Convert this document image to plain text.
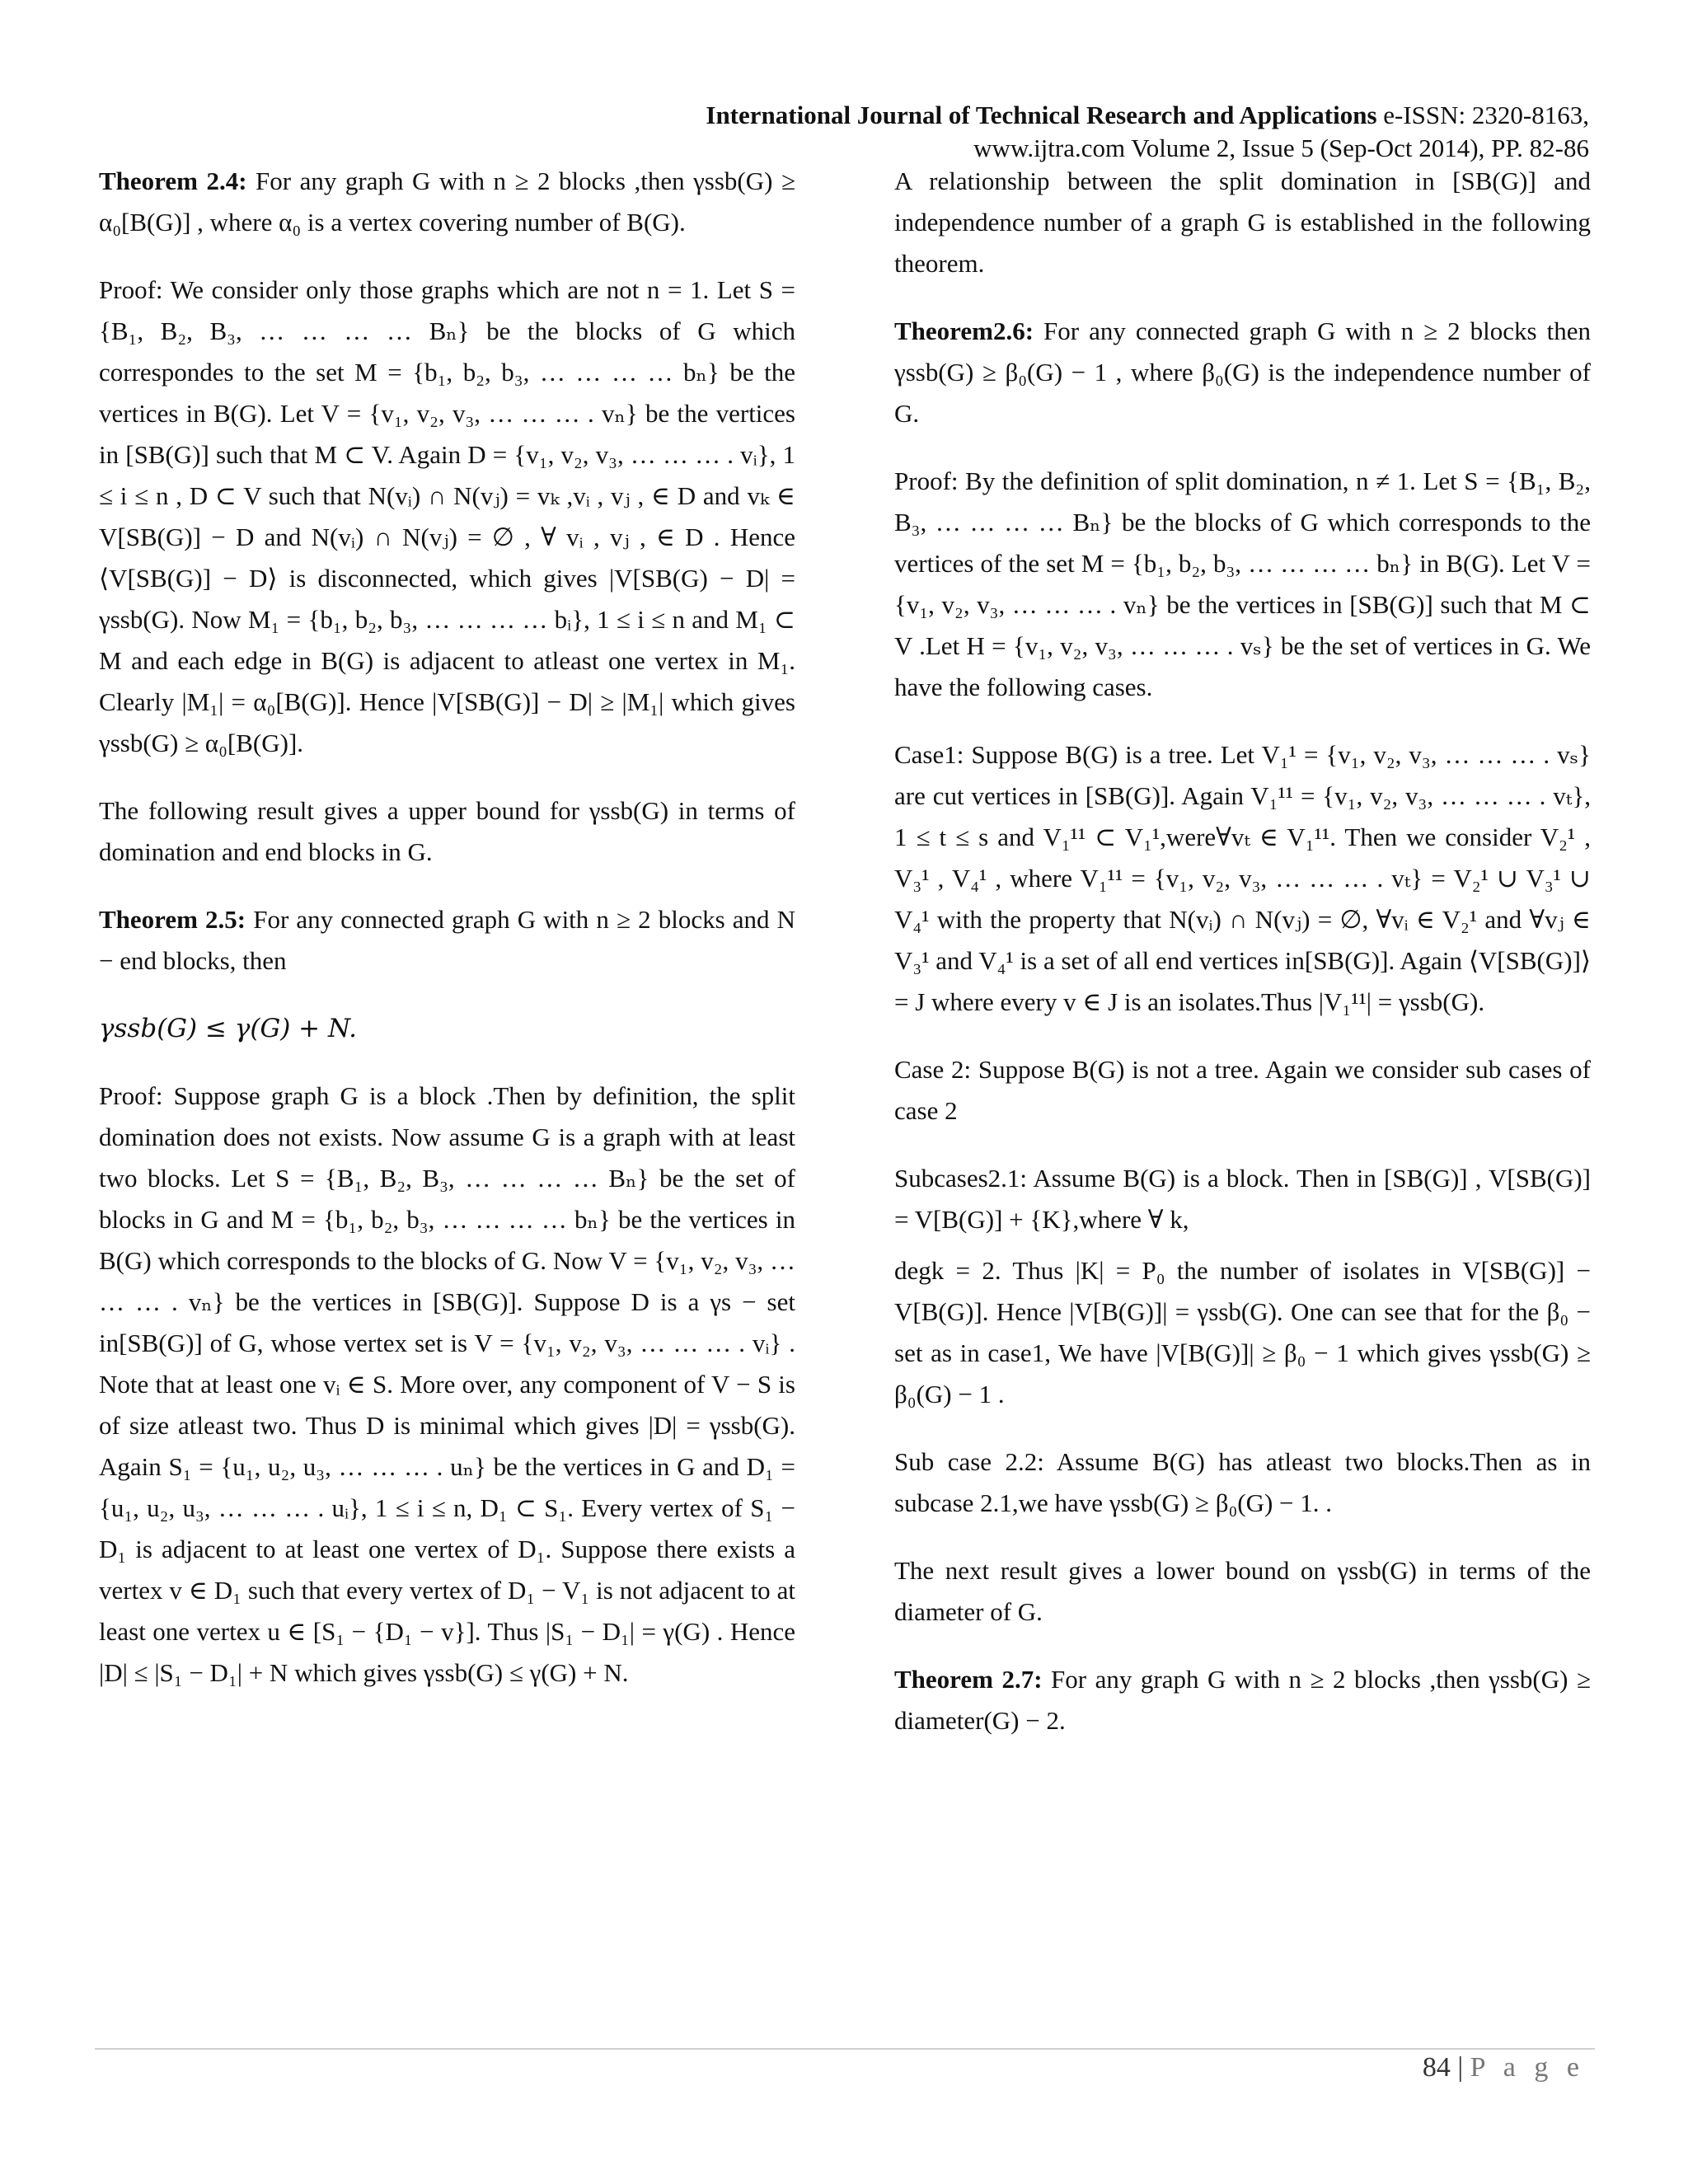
International Journal of Technical Research and Applications e-ISSN: 2320-8163,
www.ijtra.com Volume 2, Issue 5 (Sep-Oct 2014), PP. 82-86

Theorem 2.4: For any graph G with n ≥ 2 blocks ,then γssb(G) ≥ α₀[B(G)] , where α₀ is a vertex covering number of B(G).

Proof: We consider only those graphs which are not n = 1. Let S = {B₁, B₂, B₃, … … … … Bₙ} be the blocks of G which correspondes to the set M = {b₁, b₂, b₃, … … … … bₙ} be the vertices in B(G). Let V = {v₁, v₂, v₃, … … … . vₙ} be the vertices in [SB(G)] such that M ⊂ V. Again D = {v₁, v₂, v₃, … … … . vᵢ}, 1 ≤ i ≤ n , D ⊂ V such that N(vᵢ) ∩ N(vⱼ) = vₖ ,vᵢ , vⱼ , ∈ D and vₖ ∈ V[SB(G)] − D and N(vᵢ) ∩ N(vⱼ) = ∅ , ∀ vᵢ , vⱼ , ∈ D . Hence ⟨V[SB(G)] − D⟩ is disconnected, which gives |V[SB(G) − D| = γssb(G). Now M₁ = {b₁, b₂, b₃, … … … … bᵢ}, 1 ≤ i ≤ n and M₁ ⊂ M and each edge in B(G) is adjacent to atleast one vertex in M₁. Clearly |M₁| = α₀[B(G)]. Hence |V[SB(G)] − D| ≥ |M₁| which gives γssb(G) ≥ α₀[B(G)].

The following result gives a upper bound for γssb(G) in terms of domination and end blocks in G.

Theorem 2.5: For any connected graph G with n ≥ 2 blocks and N − end blocks, then

γssb(G) ≤ γ(G) + N.

Proof: Suppose graph G is a block .Then by definition, the split domination does not exists. Now assume G is a graph with at least two blocks. Let S = {B₁, B₂, B₃, … … … … Bₙ} be the set of blocks in G and M = {b₁, b₂, b₃, … … … … bₙ} be the vertices in B(G) which corresponds to the blocks of G. Now V = {v₁, v₂, v₃, … … … . vₙ} be the vertices in [SB(G)]. Suppose D is a γs − set in[SB(G)] of G, whose vertex set is V = {v₁, v₂, v₃, … … … . vᵢ} . Note that at least one vᵢ ∈ S. More over, any component of V − S is of size atleast two. Thus D is minimal which gives |D| = γssb(G). Again S₁ = {u₁, u₂, u₃, … … … . uₙ} be the vertices in G and D₁ = {u₁, u₂, u₃, … … … . uᵢ}, 1 ≤ i ≤ n, D₁ ⊂ S₁. Every vertex of S₁ − D₁ is adjacent to at least one vertex of D₁. Suppose there exists a vertex v ∈ D₁ such that every vertex of D₁ − V₁ is not adjacent to at least one vertex u ∈ [S₁ − {D₁ − v}]. Thus |S₁ − D₁| = γ(G) . Hence |D| ≤ |S₁ − D₁| + N which gives γssb(G) ≤ γ(G) + N.

A relationship between the split domination in [SB(G)] and independence number of a graph G is established in the following theorem.

Theorem2.6: For any connected graph G with n ≥ 2 blocks then γssb(G) ≥ β₀(G) − 1 , where β₀(G) is the independence number of G.

Proof: By the definition of split domination, n ≠ 1. Let S = {B₁, B₂, B₃, … … … … Bₙ} be the blocks of G which corresponds to the vertices of the set M = {b₁, b₂, b₃, … … … … bₙ} in B(G). Let V = {v₁, v₂, v₃, … … … . vₙ} be the vertices in [SB(G)] such that M ⊂ V .Let H = {v₁, v₂, v₃, … … … . vₛ} be the set of vertices in G. We have the following cases.

Case1: Suppose B(G) is a tree. Let V₁¹ = {v₁, v₂, v₃, … … … . vₛ} are cut vertices in [SB(G)]. Again V₁¹¹ = {v₁, v₂, v₃, … … … . vₜ}, 1 ≤ t ≤ s and V₁¹¹ ⊂ V₁¹,were∀vₜ ∈ V₁¹¹. Then we consider V₂¹ , V₃¹ , V₄¹ , where V₁¹¹ = {v₁, v₂, v₃, … … … . vₜ} = V₂¹ ∪ V₃¹ ∪ V₄¹ with the property that N(vᵢ) ∩ N(vⱼ) = ∅, ∀vᵢ ∈ V₂¹ and ∀vⱼ ∈ V₃¹ and V₄¹ is a set of all end vertices in[SB(G)]. Again ⟨V[SB(G)]⟩ = J where every v ∈ J is an isolates.Thus |V₁¹¹| = γssb(G).

Case 2: Suppose B(G) is not a tree. Again we consider sub cases of case 2

Subcases2.1: Assume B(G) is a block. Then in [SB(G)] , V[SB(G)] = V[B(G)] + {K},where ∀ k,

degk = 2. Thus |K| = P₀ the number of isolates in V[SB(G)] − V[B(G)]. Hence |V[B(G)]| = γssb(G). One can see that for the β₀ − set as in case1, We have |V[B(G)]| ≥ β₀ − 1 which gives γssb(G) ≥ β₀(G) − 1 .

Sub case 2.2: Assume B(G) has atleast two blocks.Then as in subcase 2.1,we have γssb(G) ≥ β₀(G) − 1. .

The next result gives a lower bound on γssb(G) in terms of the diameter of G.

Theorem 2.7: For any graph G with n ≥ 2 blocks ,then γssb(G) ≥ diameter(G) − 2.

84 | P a g e
